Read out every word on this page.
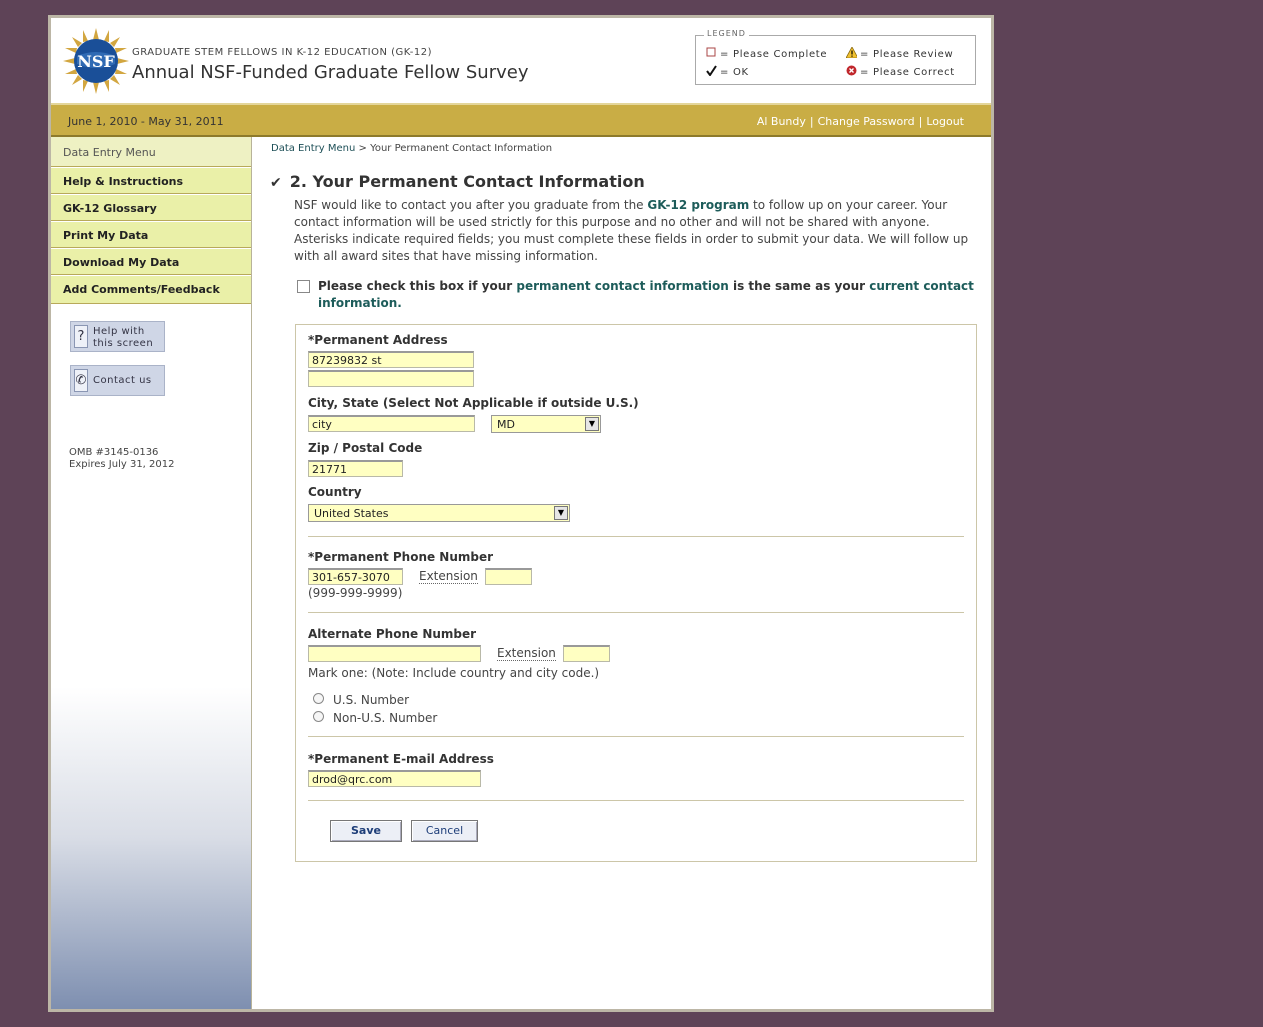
NSF GRADUATE STEM FELLOWS IN K-12 EDUCATION (GK-12)
Annual NSF-Funded Graduate Fellow Survey
LEGEND
= Please Complete	= Please Review
= OK	= Please Correct
June 1, 2010 - May 31, 2011	Al Bundy | Change Password | Logout
Data Entry Menu
Help & Instructions
GK-12 Glossary
Print My Data
Download My Data
Add Comments/Feedback
? Help with
this screen
✆ Contact us
OMB #3145-0136
Expires July 31, 2012
Data Entry Menu > Your Permanent Contact Information
✔ 2. Your Permanent Contact Information
NSF would like to contact you after you graduate from the GK-12 program to follow up on your career. Your contact information will be used strictly for this purpose and no other and will not be shared with anyone. Asterisks indicate required fields; you must complete these fields in order to submit your data. We will follow up with all award sites that have missing information.
Please check this box if your permanent contact information is the same as your current contact information.
*Permanent Address
87239832 st
City, State (Select Not Applicable if outside U.S.)
city	MD	▼
Zip / Postal Code
21771
Country
United States	▼
*Permanent Phone Number
301-657-3070	Extension
(999-999-9999)
Alternate Phone Number
Extension
Mark one: (Note: Include country and city code.)
U.S. Number
Non-U.S. Number
*Permanent E-mail Address
drod@qrc.com
Save	Cancel
